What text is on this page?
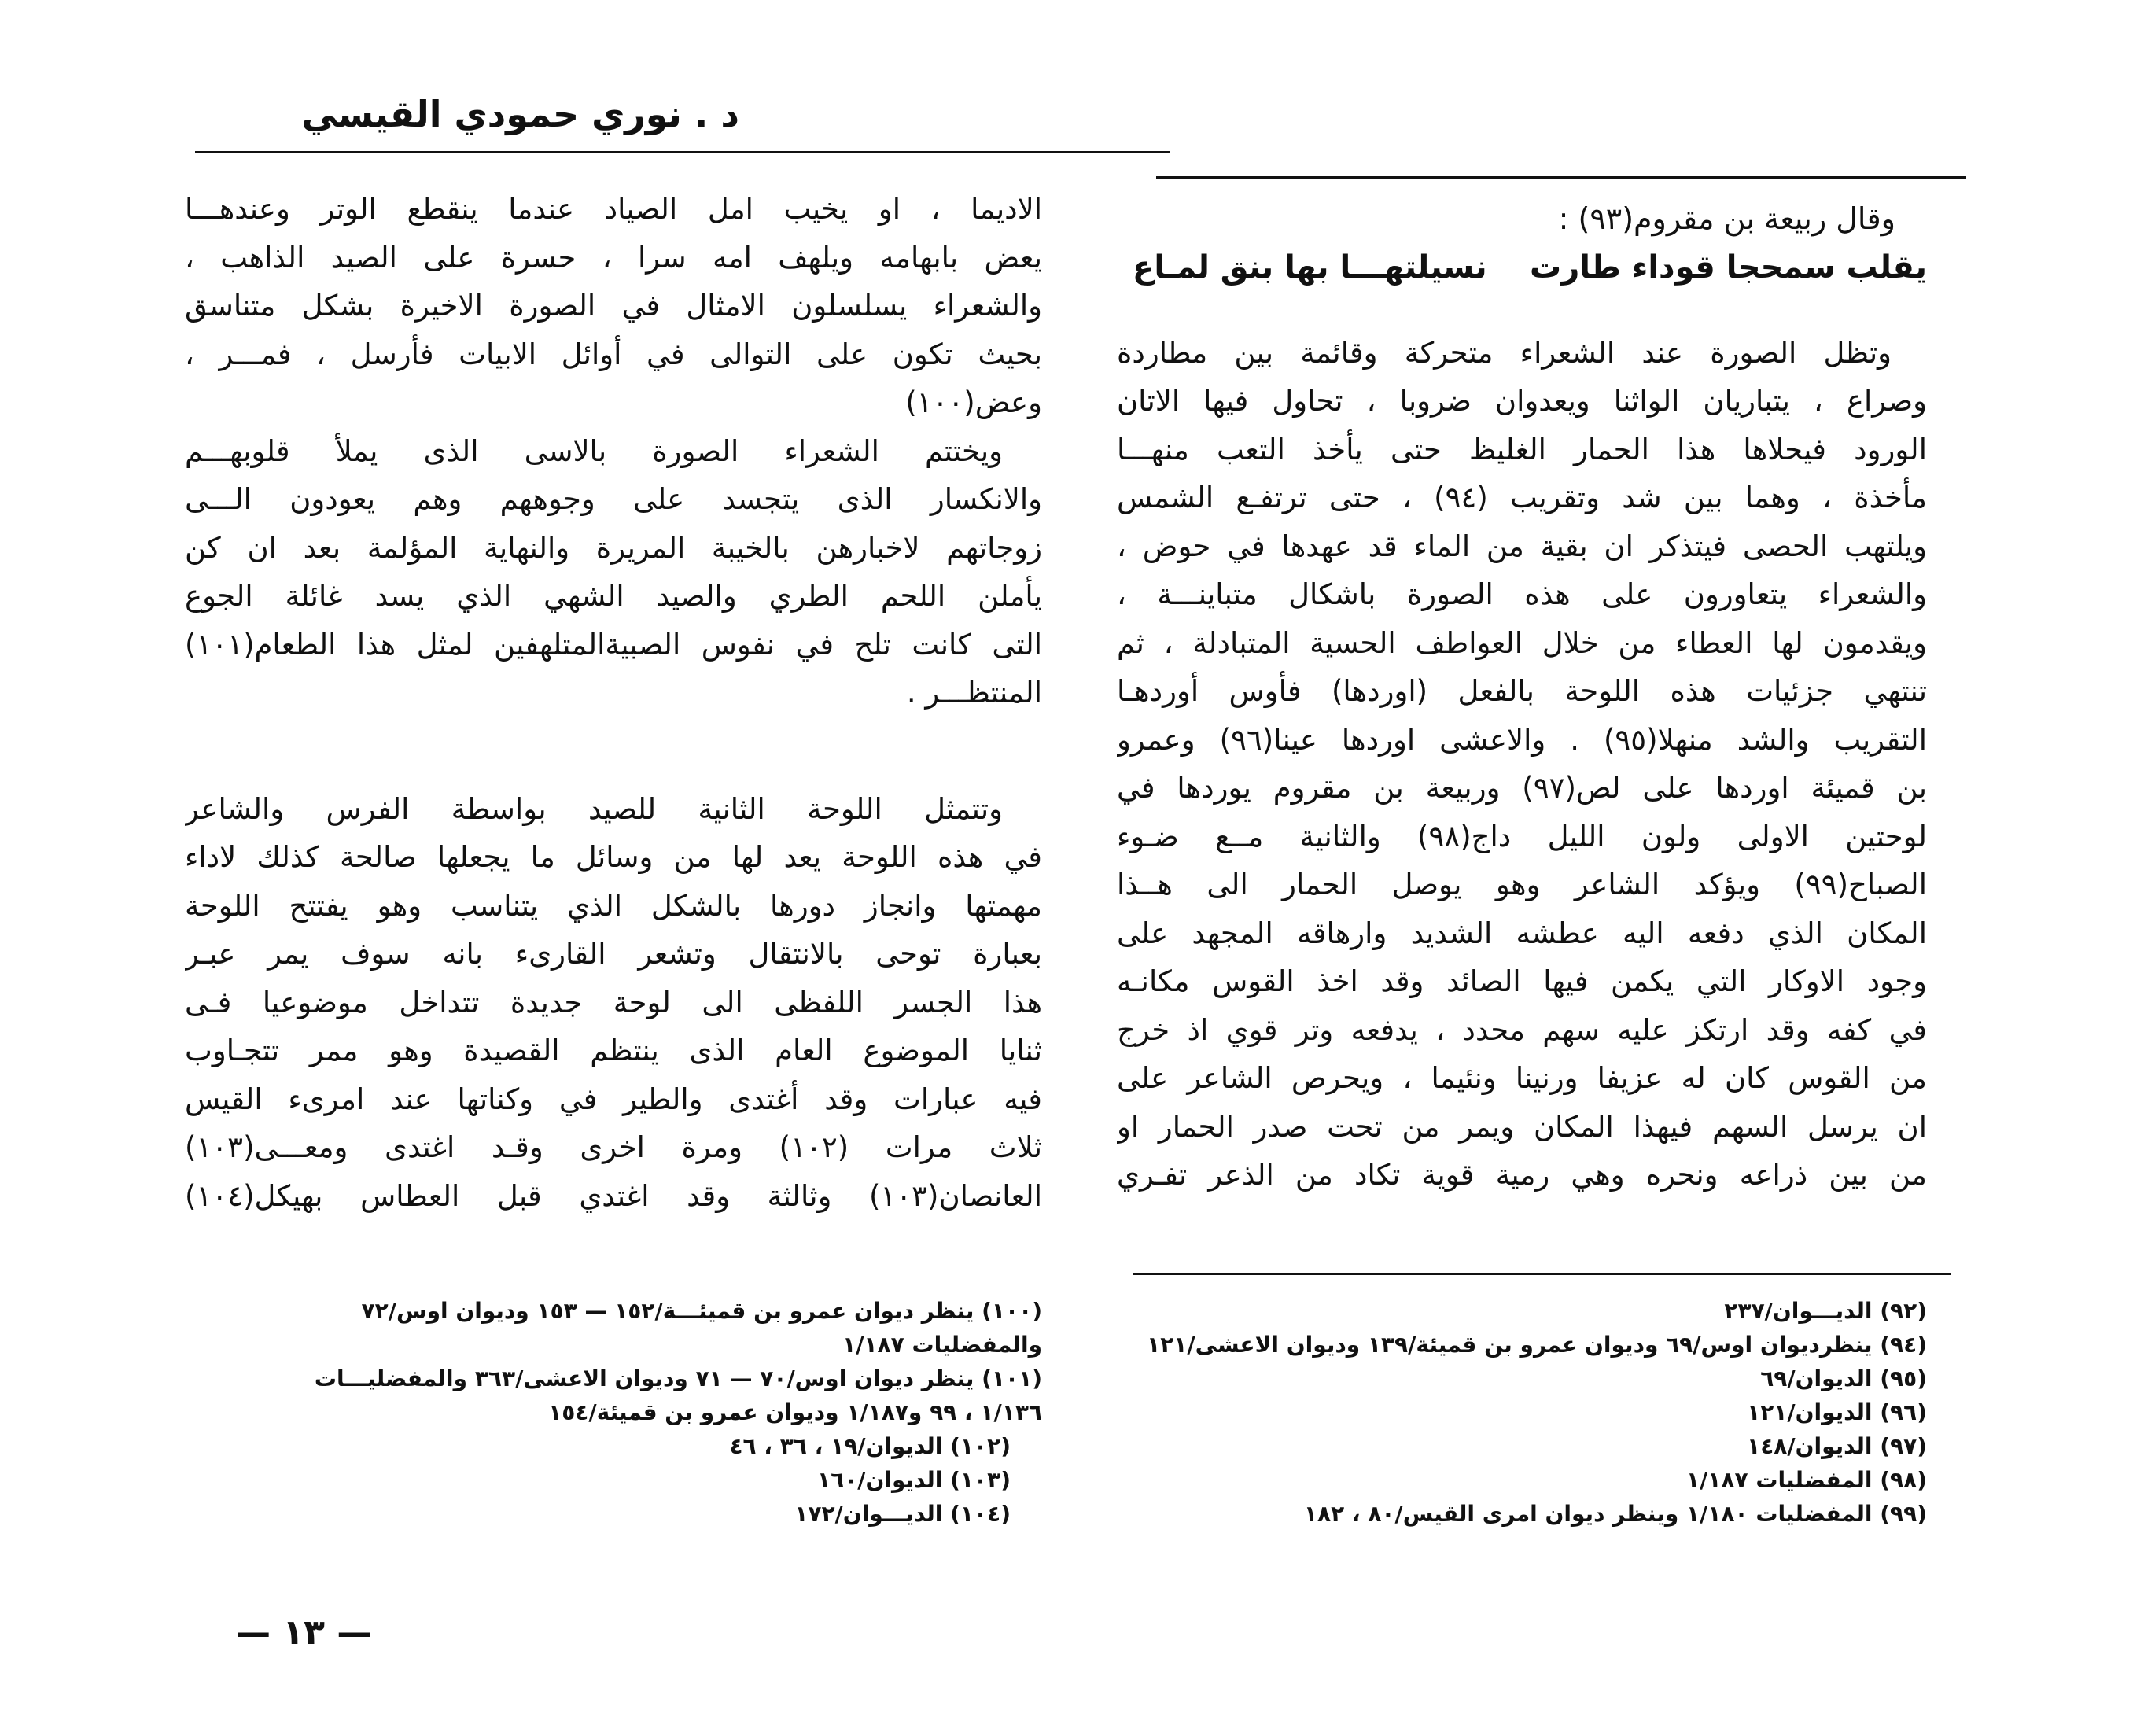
د . نوري حمودي القيسي
وقال ربيعة بن مقروم(٩٣) :
يقلب سمحجا قوداء طارت
نسيلتهـــا بها بنق لمـاع

وتظل الصورة عند الشعراء متحركة وقائمة بين مطاردة
وصراع ، يتباريان الواثنا ويعدوان ضروبا ، تحاول فيها الاتان
الورود فيحلاها هذا الحمار الغليظ حتى يأخذ التعب منهـــا
مأخذة ، وهما بين شد وتقريب (٩٤) ، حتى ترتفـع الشمس
ويلتهب الحصى فيتذكر ان بقية من الماء قد عهدها في حوض ،
والشعراء يتعاورون على هذه الصورة باشكال متباينـــة ،
ويقدمون لها العطاء من خلال العواطف الحسية المتبادلة ، ثم
تنتهي جزئيات هذه اللوحة بالفعل (اوردها) فأوس أوردهـا
التقريب والشد منهلا(٩٥) . والاعشى اوردها عينا(٩٦) وعمرو
بن قميئة اوردها على لص(٩٧) وربيعة بن مقروم يوردها في
لوحتين الاولى ولون الليل داج(٩٨) والثانية مــع ضـوء
الصباح(٩٩) ويؤكد الشاعر وهو يوصل الحمار الى هــذا
المكان الذي دفعه اليه عطشه الشديد وارهاقه المجهد على
وجود الاوكار التي يكمن فيها الصائد وقد اخذ القوس مكانـه
في كفه وقد ارتكز عليه سهم محدد ، يدفعه وتر قوي اذ خرج
من القوس كان له عزيفا ورنينا ونئيما ، ويحرص الشاعر على
ان يرسل السهم فيهذا المكان ويمر من تحت صدر الحمار او
من بين ذراعه ونحره وهي رمية قوية تكاد من الذعر تفـري

الاديما ، او يخيب امل الصياد عندما ينقطع الوتر وعندهـــا
يعض بابهامه ويلهف امه سرا ، حسرة على الصيد الذاهب ،
والشعراء يسلسلون الامثال في الصورة الاخيرة بشكل متناسق
بحيث تكون على التوالى في أوائل الابيات فأرسل ، فمـــر ،
وعض(١٠٠)

ويختتم الشعراء الصورة بالاسى الذى يملأ قلوبهـــم
والانكسار الذى يتجسد على وجوههم وهم يعودون الـــى
زوجاتهم لاخبارهن بالخيبة المريرة والنهاية المؤلمة بعد ان كن
يأملن اللحم الطري والصيد الشهي الذي يسد غائلة الجوع
التى كانت تلح في نفوس الصبيةالمتلهفين لمثل هذا الطعام(١٠١)
المنتظـــر .

وتتمثل اللوحة الثانية للصيد بواسطة الفرس والشاعر
في هذه اللوحة يعد لها من وسائل ما يجعلها صالحة كذلك لاداء
مهمتها وانجاز دورها بالشكل الذي يتناسب وهو يفتتح اللوحة
بعبارة توحى بالانتقال وتشعر القارىء بانه سوف يمر عبـر
هذا الجسر اللفظى الى لوحة جديدة تتداخل موضوعيا فـى
ثنايا الموضوع العام الذى ينتظم القصيدة وهو ممر تتجـاوب
فيه عبارات وقد أغتدى والطير في وكناتها عند امرىء القيس
ثلاث مرات (١٠٢) ومرة اخرى وقـد اغتدى ومعـــى(١٠٣)
العانصان(١٠٣) وثالثة وقد اغتدي قبل العطاس بهيكل(١٠٤)

(٩٢) الديـــوان/٢٣٧
(٩٤) ينظرديوان اوس/٦٩ وديوان عمرو بن قميئة/١٣٩ وديوان الاعشى/١٢١
(٩٥) الديوان/٦٩
(٩٦) الديوان/١٢١
(٩٧) الديوان/١٤٨
(٩٨) المفضليات ١/١٨٧
(٩٩) المفضليات ١/١٨٠ وينظر ديوان امرى القيس/٨٠ ، ١٨٢
(١٠٠) ينظر ديوان عمرو بن قميئـــة/١٥٢ — ١٥٣ وديوان اوس/٧٢
والمفضليات ١/١٨٧
(١٠١) ينظر ديوان اوس/٧٠ — ٧١ وديوان الاعشى/٣٦٣ والمفضليـــات
١/١٣٦ ، ٩٩ و١/١٨٧ وديوان عمرو بن قميئة/١٥٤
(١٠٢) الديوان/١٩ ، ٣٦ ، ٤٦
(١٠٣) الديوان/١٦٠
(١٠٤) الديـــوان/١٧٢
— ١٣ —
